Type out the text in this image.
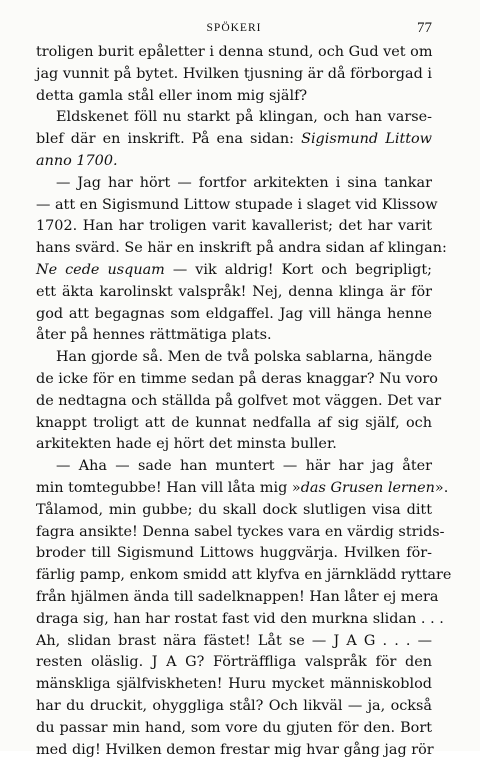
SPÖKERI	77
troligen burit epåletter i denna stund, och Gud vet om
jag vunnit på bytet. Hvilken tjusning är då förborgad i
detta gamla stål eller inom mig själf?
Eldskenet föll nu starkt på klingan, och han varse-
blef där en inskrift. På ena sidan: Sigismund Littow
anno 1700.
— Jag har hört — fortfor arkitekten i sina tankar
— att en Sigismund Littow stupade i slaget vid Klissow
1702. Han har troligen varit kavallerist; det har varit
hans svärd. Se här en inskrift på andra sidan af klingan:
Ne cede usquam — vik aldrig! Kort och begripligt;
ett äkta karolinskt valspråk! Nej, denna klinga är för
god att begagnas som eldgaffel. Jag vill hänga henne
åter på hennes rättmätiga plats.
Han gjorde så. Men de två polska sablarna, hängde
de icke för en timme sedan på deras knaggar? Nu voro
de nedtagna och ställda på golfvet mot väggen. Det var
knappt troligt att de kunnat nedfalla af sig själf, och
arkitekten hade ej hört det minsta buller.
— Aha — sade han muntert — här har jag åter
min tomtegubbe! Han vill låta mig »das Grusen lernen».
Tålamod, min gubbe; du skall dock slutligen visa ditt
fagra ansikte! Denna sabel tyckes vara en värdig strids-
broder till Sigismund Littows huggvärja. Hvilken för-
färlig pamp, enkom smidd att klyfva en järnklädd ryttare
från hjälmen ända till sadelknappen! Han låter ej mera
draga sig, han har rostat fast vid den murkna slidan . . .
Ah, slidan brast nära fästet! Låt se — J A G . . . —
resten oläslig. J A G? Förträffliga valspråk för den
mänskliga själfviskheten! Huru mycket människoblod
har du druckit, ohyggliga stål? Och likväl — ja, också
du passar min hand, som vore du gjuten för den. Bort
med dig! Hvilken demon frestar mig hvar gång jag rör
